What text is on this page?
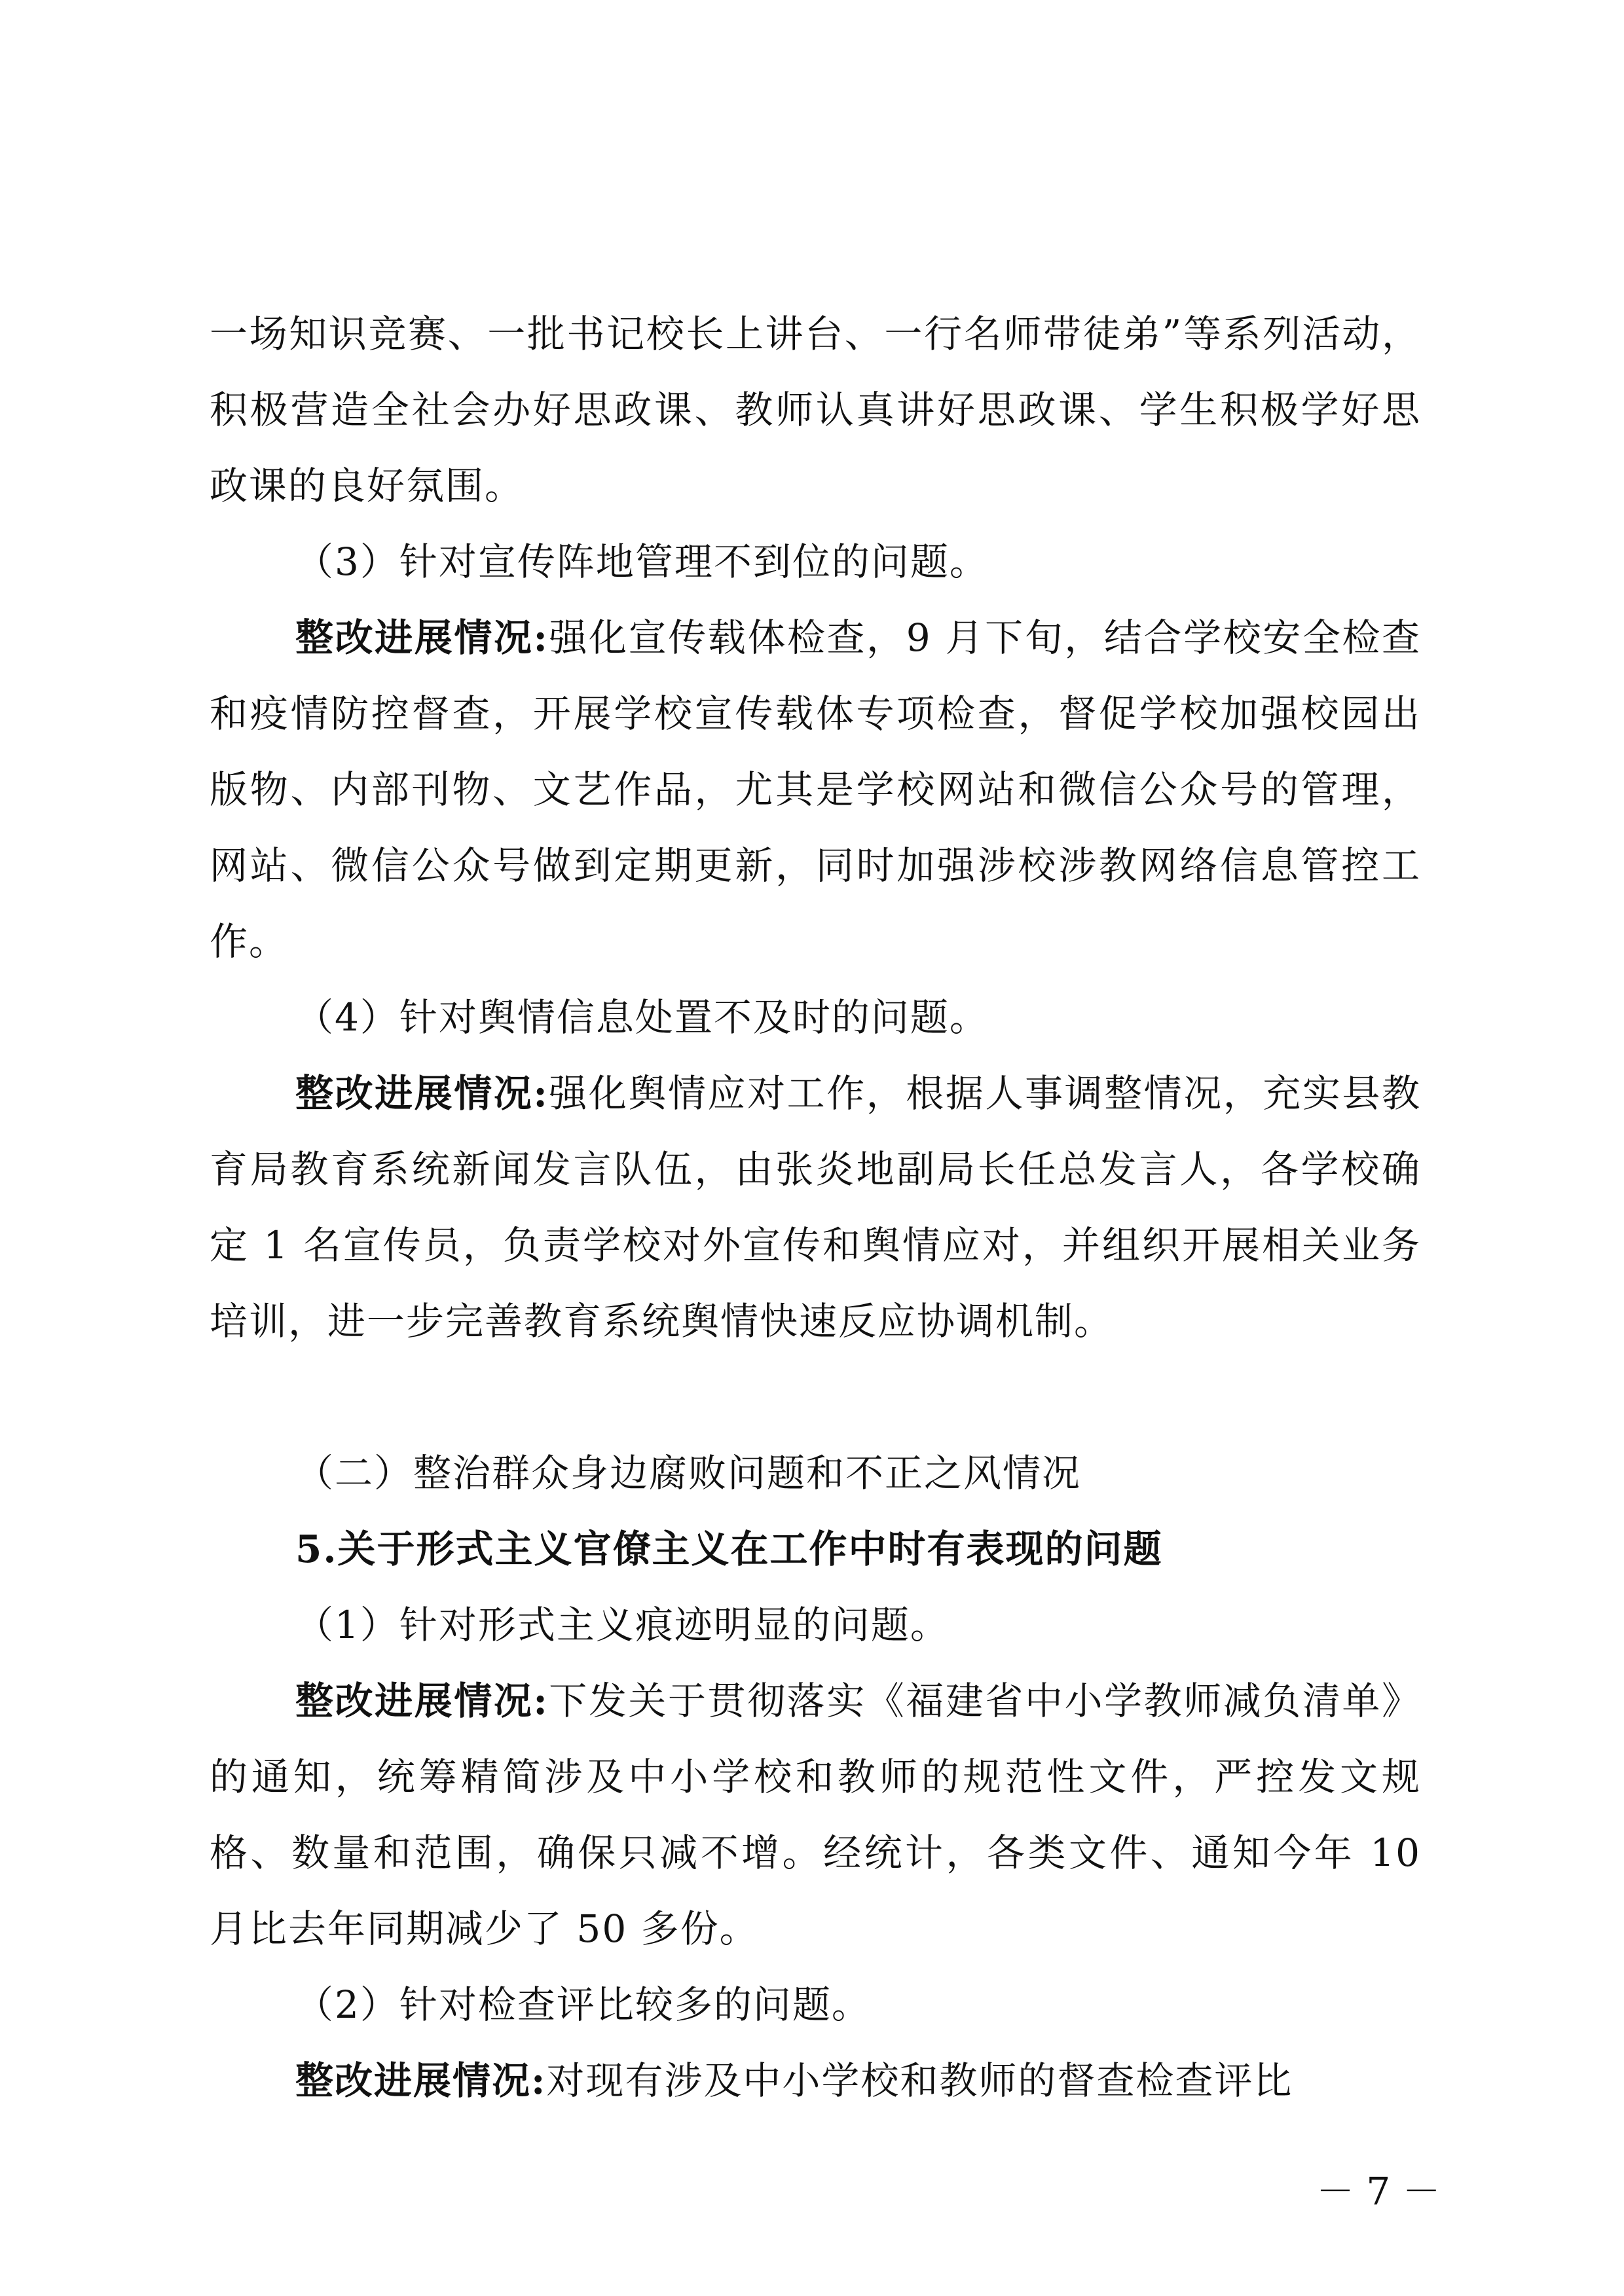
一场知识竞赛、一批书记校长上讲台、一行名师带徒弟”等系列活动，积极营造全社会办好思政课、教师认真讲好思政课、学生积极学好思政课的良好氛围。

（3）针对宣传阵地管理不到位的问题。

整改进展情况:强化宣传载体检查，9 月下旬，结合学校安全检查和疫情防控督查，开展学校宣传载体专项检查，督促学校加强校园出版物、内部刊物、文艺作品，尤其是学校网站和微信公众号的管理，网站、微信公众号做到定期更新，同时加强涉校涉教网络信息管控工作。

（4）针对舆情信息处置不及时的问题。

整改进展情况:强化舆情应对工作，根据人事调整情况，充实县教育局教育系统新闻发言队伍，由张炎地副局长任总发言人，各学校确定 1 名宣传员，负责学校对外宣传和舆情应对，并组织开展相关业务培训，进一步完善教育系统舆情快速反应协调机制。

（二）整治群众身边腐败问题和不正之风情况

5.关于形式主义官僚主义在工作中时有表现的问题

（1）针对形式主义痕迹明显的问题。

整改进展情况:下发关于贯彻落实《福建省中小学教师减负清单》的通知，统筹精简涉及中小学校和教师的规范性文件，严控发文规格、数量和范围，确保只减不增。经统计，各类文件、通知今年 10 月比去年同期减少了 50 多份。

（2）针对检查评比较多的问题。

整改进展情况:对现有涉及中小学校和教师的督查检查评比

－ 7 －
